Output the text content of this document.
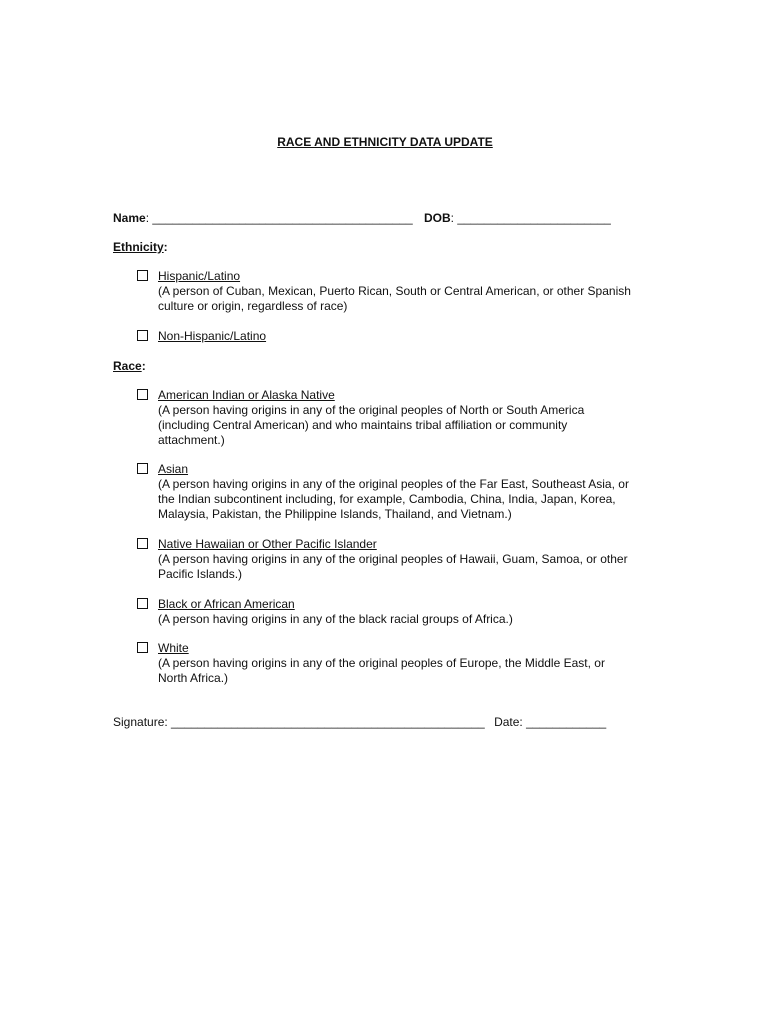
RACE AND ETHNICITY DATA UPDATE
Name: _______________________________________ DOB: _______________________
Ethnicity:
Hispanic/Latino
(A person of Cuban, Mexican, Puerto Rican, South or Central American, or other Spanish
culture or origin, regardless of race)
Non-Hispanic/Latino
Race:
American Indian or Alaska Native
(A person having origins in any of the original peoples of North or South America
(including Central American) and who maintains tribal affiliation or community
attachment.)
Asian
(A person having origins in any of the original peoples of the Far East, Southeast Asia, or
the Indian subcontinent including, for example, Cambodia, China, India, Japan, Korea,
Malaysia, Pakistan, the Philippine Islands, Thailand, and Vietnam.)
Native Hawaiian or Other Pacific Islander
(A person having origins in any of the original peoples of Hawaii, Guam, Samoa, or other
Pacific Islands.)
Black or African American
(A person having origins in any of the black racial groups of Africa.)
White
(A person having origins in any of the original peoples of Europe, the Middle East, or
North Africa.)
Signature: _______________________________________________ Date: ____________
